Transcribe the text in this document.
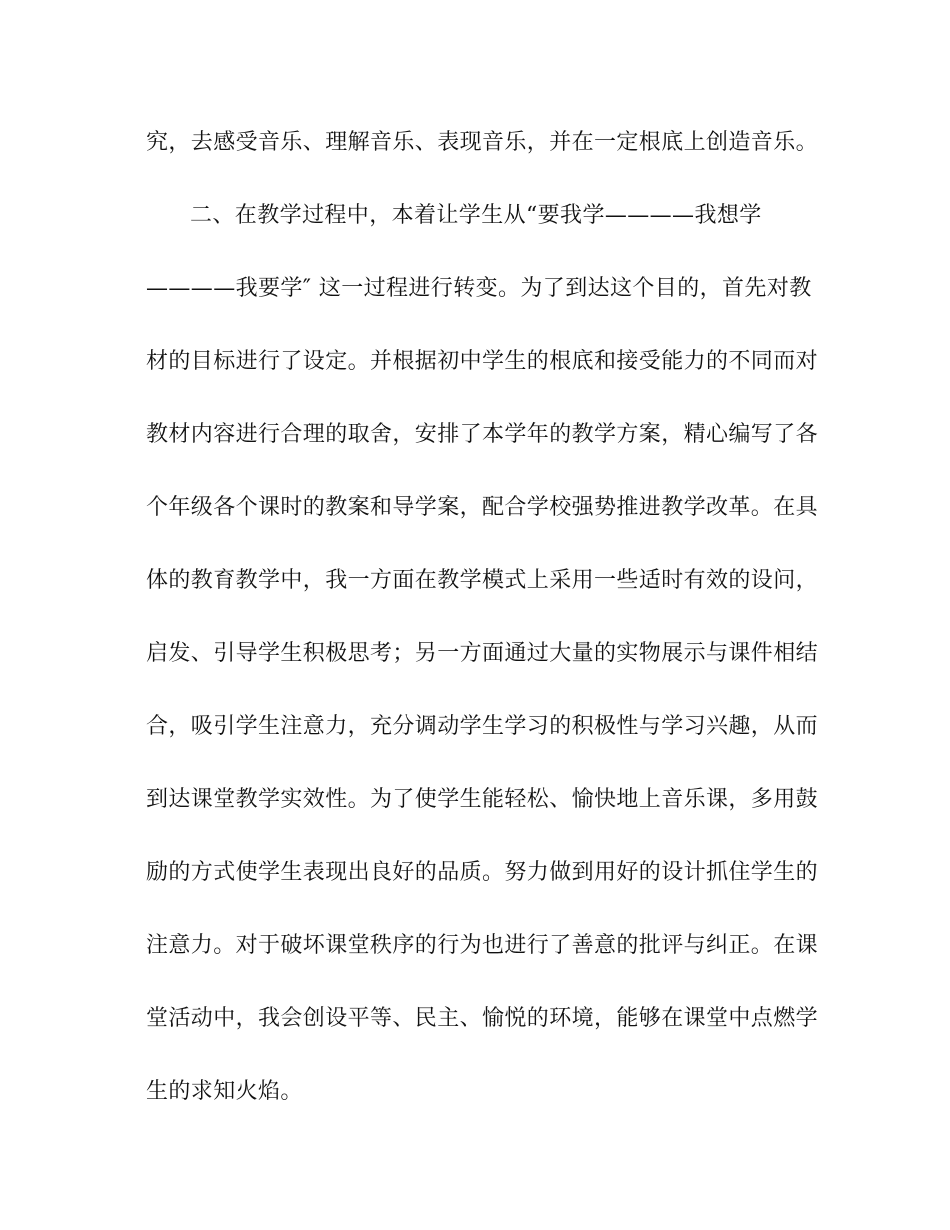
究，去感受音乐、理解音乐、表现音乐，并在一定根底上创造音乐。
二、在教学过程中，本着让学生从“要我学————我想学
————我要学″ 这一过程进行转变。为了到达这个目的，首先对教
材的目标进行了设定。并根据初中学生的根底和接受能力的不同而对
教材内容进行合理的取舍，安排了本学年的教学方案，精心编写了各
个年级各个课时的教案和导学案，配合学校强势推进教学改革。在具
体的教育教学中，我一方面在教学模式上采用一些适时有效的设问，
启发、引导学生积极思考；另一方面通过大量的实物展示与课件相结
合，吸引学生注意力，充分调动学生学习的积极性与学习兴趣，从而
到达课堂教学实效性。为了使学生能轻松、愉快地上音乐课，多用鼓
励的方式使学生表现出良好的品质。努力做到用好的设计抓住学生的
注意力。对于破坏课堂秩序的行为也进行了善意的批评与纠正。在课
堂活动中，我会创设平等、民主、愉悦的环境，能够在课堂中点燃学
生的求知火焰。
